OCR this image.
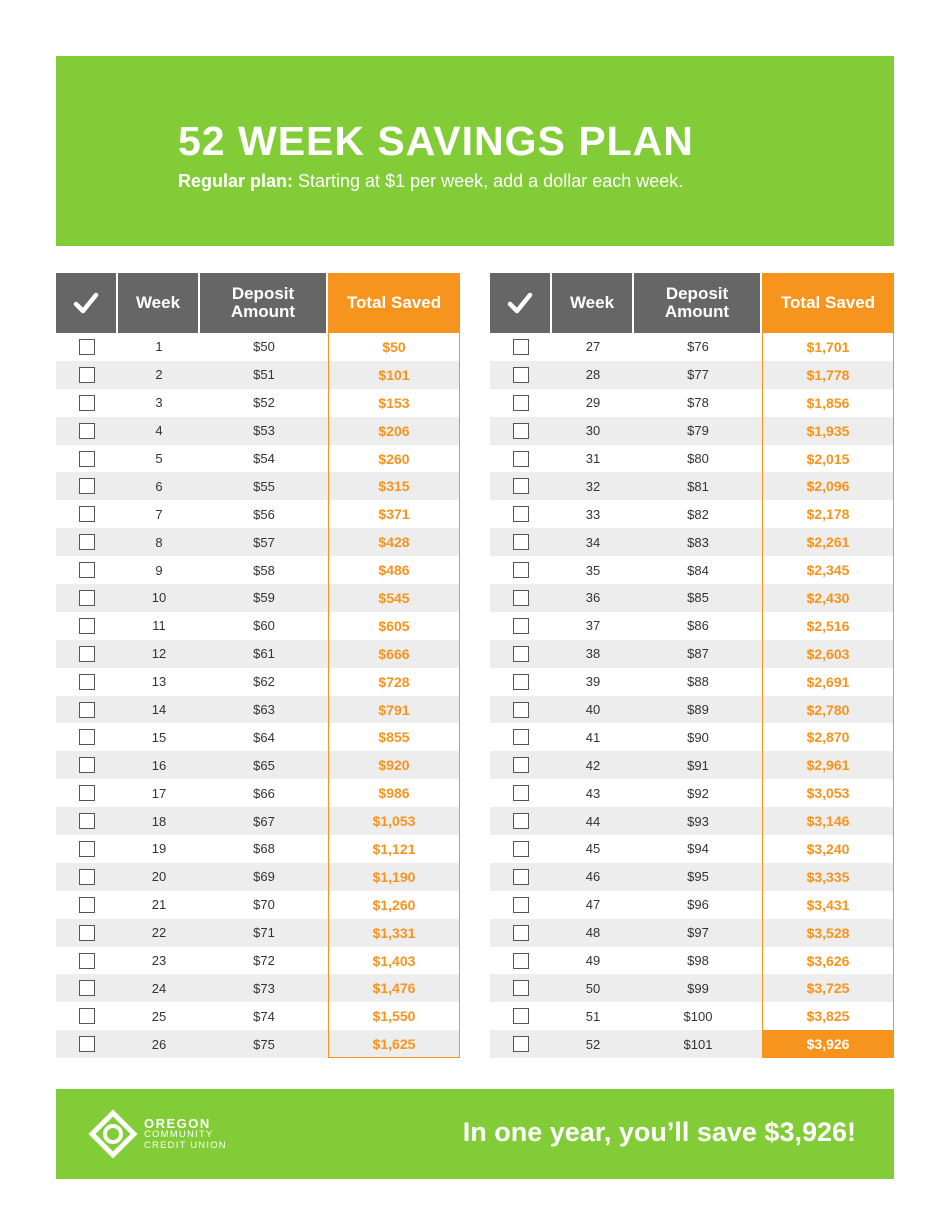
52 WEEK SAVINGS PLAN
Regular plan: Starting at $1 per week, add a dollar each week.
Week	Deposit Amount	Total Saved
1	$50	$50
2	$51	$101
3	$52	$153
4	$53	$206
5	$54	$260
6	$55	$315
7	$56	$371
8	$57	$428
9	$58	$486
10	$59	$545
11	$60	$605
12	$61	$666
13	$62	$728
14	$63	$791
15	$64	$855
16	$65	$920
17	$66	$986
18	$67	$1,053
19	$68	$1,121
20	$69	$1,190
21	$70	$1,260
22	$71	$1,331
23	$72	$1,403
24	$73	$1,476
25	$74	$1,550
26	$75	$1,625
Week	Deposit Amount	Total Saved
27	$76	$1,701
28	$77	$1,778
29	$78	$1,856
30	$79	$1,935
31	$80	$2,015
32	$81	$2,096
33	$82	$2,178
34	$83	$2,261
35	$84	$2,345
36	$85	$2,430
37	$86	$2,516
38	$87	$2,603
39	$88	$2,691
40	$89	$2,780
41	$90	$2,870
42	$91	$2,961
43	$92	$3,053
44	$93	$3,146
45	$94	$3,240
46	$95	$3,335
47	$96	$3,431
48	$97	$3,528
49	$98	$3,626
50	$99	$3,725
51	$100	$3,825
52	$101	$3,926
OREGON
COMMUNITY
CREDIT UNION	In one year, you’ll save $3,926!
